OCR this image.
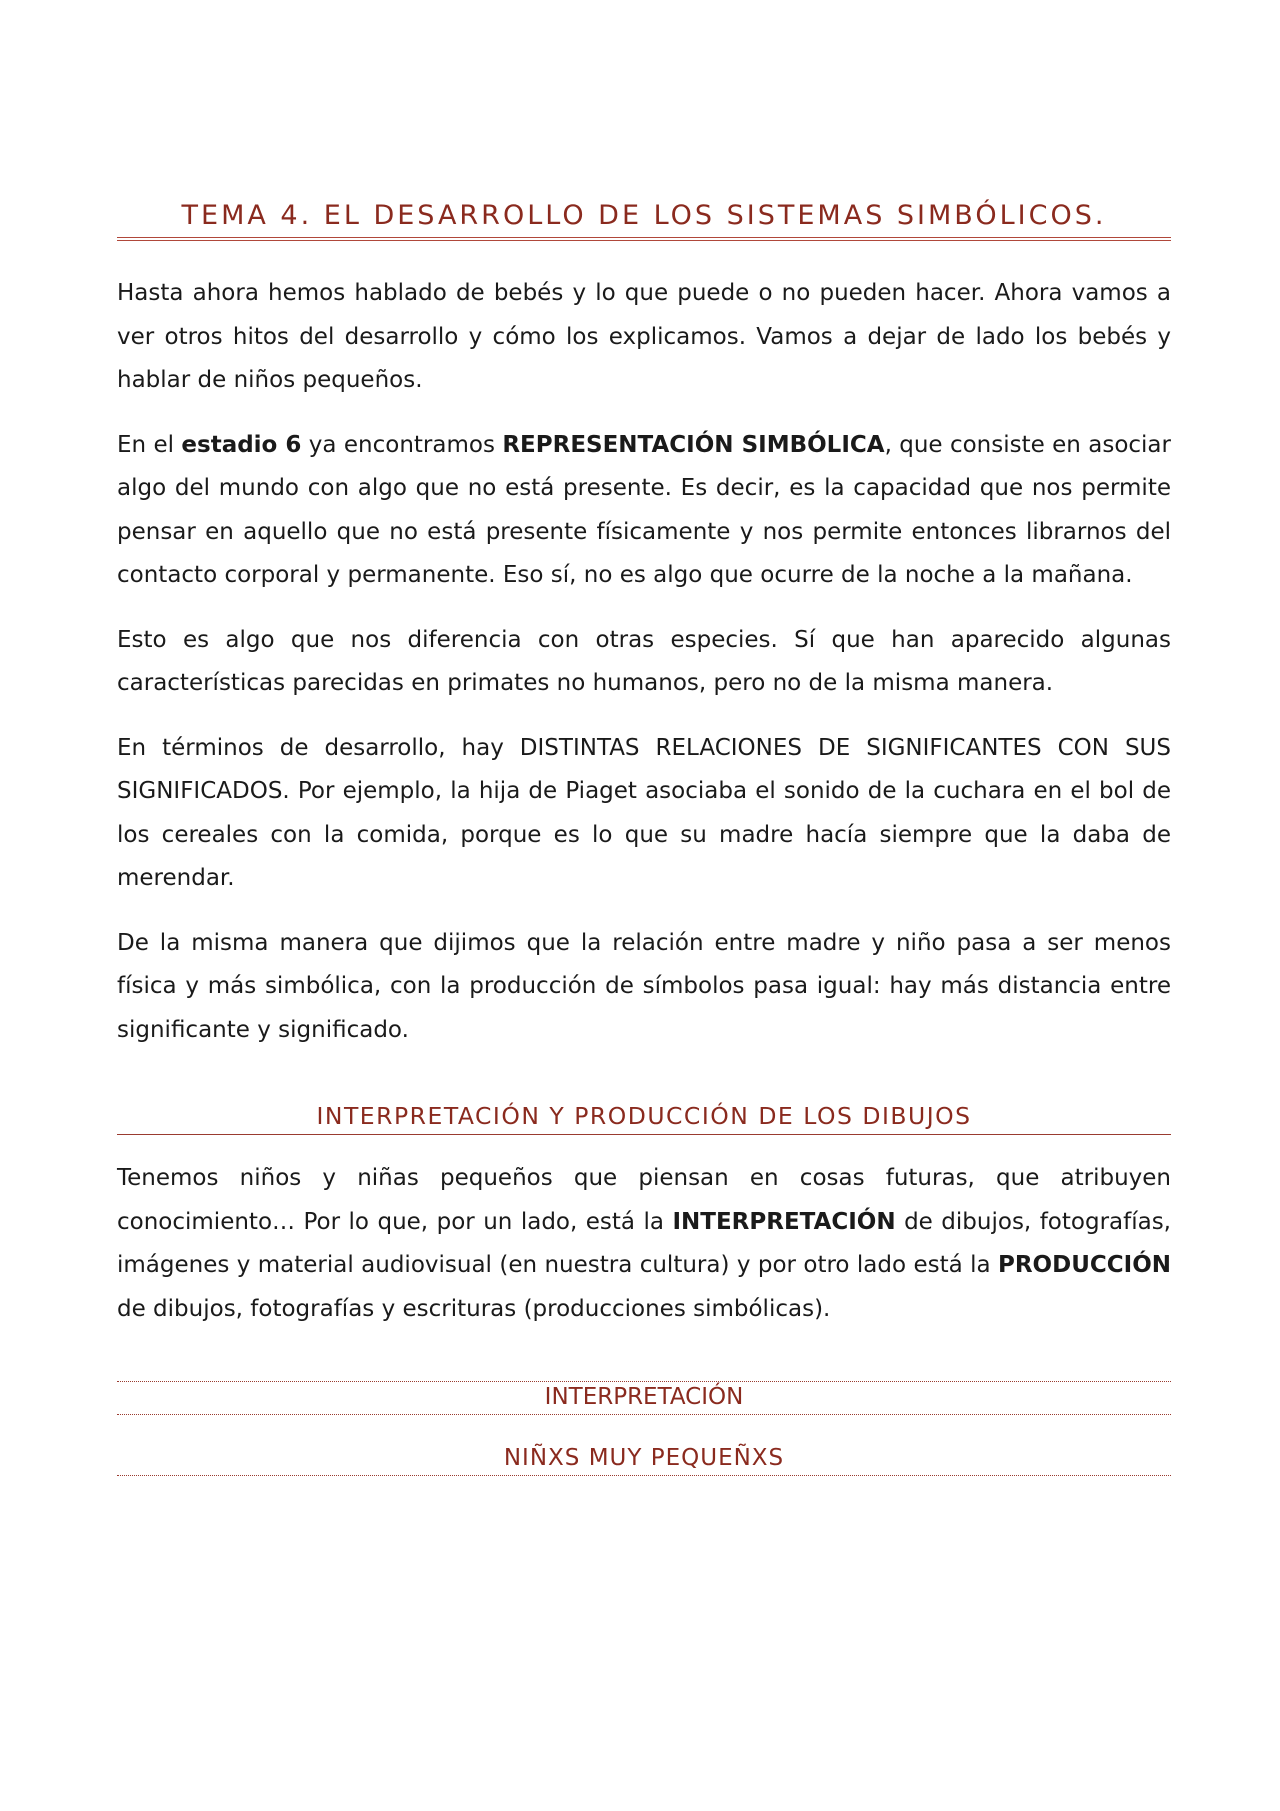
TEMA 4. EL DESARROLLO DE LOS SISTEMAS SIMBÓLICOS.

Hasta ahora hemos hablado de bebés y lo que puede o no pueden hacer. Ahora vamos a ver otros hitos del desarrollo y cómo los explicamos. Vamos a dejar de lado los bebés y hablar de niños pequeños.

En el estadio 6 ya encontramos REPRESENTACIÓN SIMBÓLICA, que consiste en asociar algo del mundo con algo que no está presente. Es decir, es la capacidad que nos permite pensar en aquello que no está presente físicamente y nos permite entonces librarnos del contacto corporal y permanente. Eso sí, no es algo que ocurre de la noche a la mañana.

Esto es algo que nos diferencia con otras especies. Sí que han aparecido algunas características parecidas en primates no humanos, pero no de la misma manera.

En términos de desarrollo, hay DISTINTAS RELACIONES DE SIGNIFICANTES CON SUS SIGNIFICADOS. Por ejemplo, la hija de Piaget asociaba el sonido de la cuchara en el bol de los cereales con la comida, porque es lo que su madre hacía siempre que la daba de merendar.

De la misma manera que dijimos que la relación entre madre y niño pasa a ser menos física y más simbólica, con la producción de símbolos pasa igual: hay más distancia entre significante y significado.

INTERPRETACIÓN Y PRODUCCIÓN DE LOS DIBUJOS

Tenemos niños y niñas pequeños que piensan en cosas futuras, que atribuyen conocimiento… Por lo que, por un lado, está la INTERPRETACIÓN de dibujos, fotografías, imágenes y material audiovisual (en nuestra cultura) y por otro lado está la PRODUCCIÓN de dibujos, fotografías y escrituras (producciones simbólicas).

INTERPRETACIÓN
NIÑXS MUY PEQUEÑXS
